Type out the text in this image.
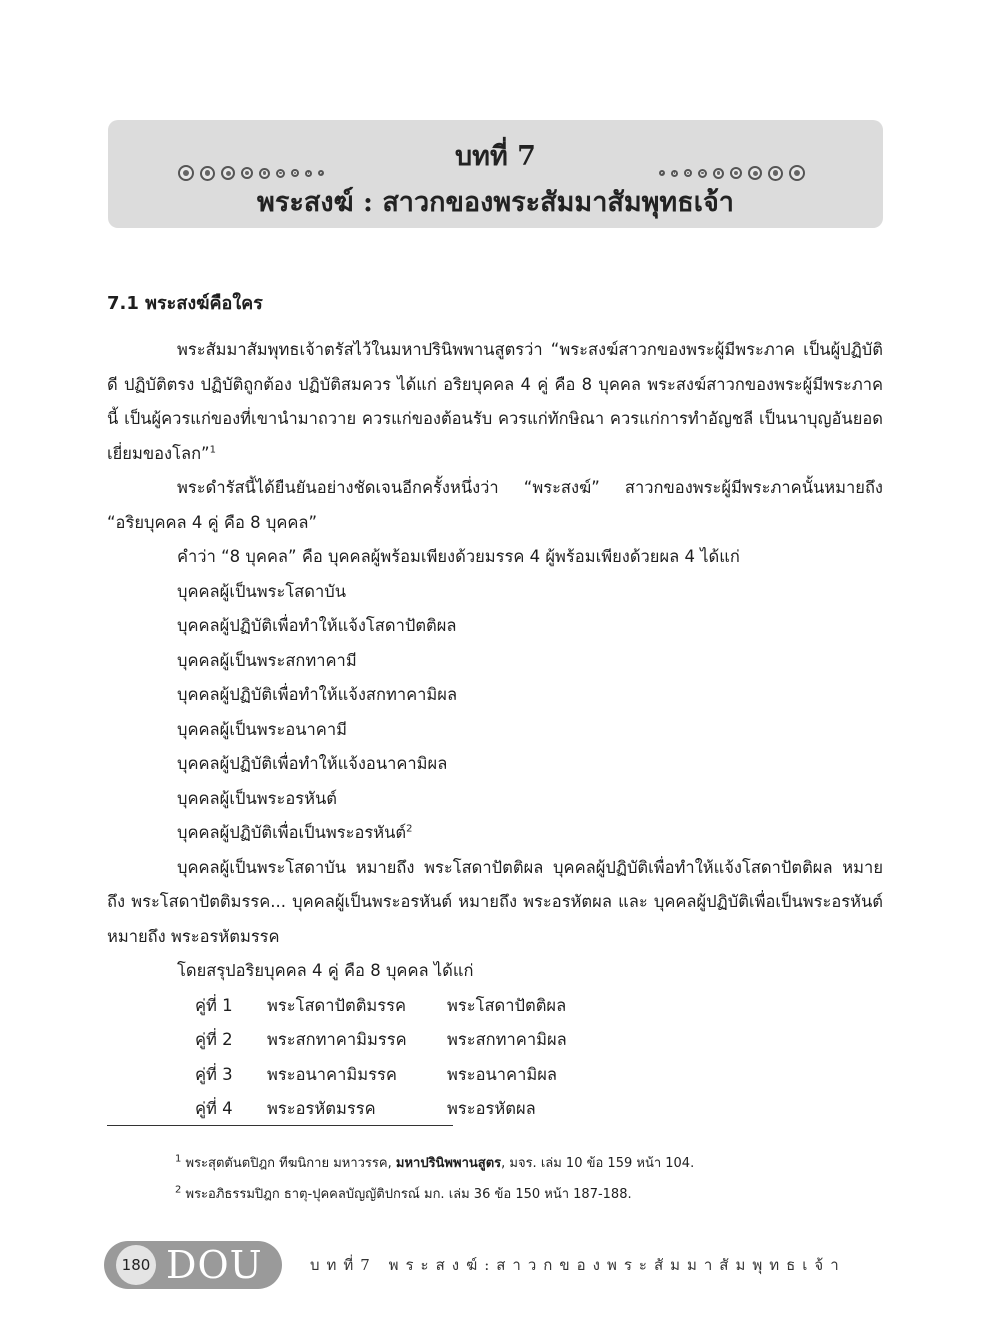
บทที่ 7
พระสงฆ์ : สาวกของพระสัมมาสัมพุทธเจ้า
7.1 พระสงฆ์คือใคร

พระสัมมาสัมพุทธเจ้าตรัสไว้ในมหาปรินิพพานสูตรว่า “พระสงฆ์สาวกของพระผู้มีพระภาค เป็นผู้ปฏิบัติดี ปฏิบัติตรง ปฏิบัติถูกต้อง ปฏิบัติสมควร ได้แก่ อริยบุคคล 4 คู่ คือ 8 บุคคล พระสงฆ์สาวกของพระผู้มีพระภาคนี้ เป็นผู้ควรแก่ของที่เขานำมาถวาย ควรแก่ของต้อนรับ ควรแก่ทักษิณา ควรแก่การทำอัญชลี เป็นนาบุญอันยอดเยี่ยมของโลก”$^1$

พระดำรัสนี้ได้ยืนยันอย่างชัดเจนอีกครั้งหนึ่งว่า “พระสงฆ์” สาวกของพระผู้มีพระภาคนั้นหมายถึง “อริยบุคคล 4 คู่ คือ 8 บุคคล”

คำว่า “8 บุคคล” คือ บุคคลผู้พร้อมเพียงด้วยมรรค 4 ผู้พร้อมเพียงด้วยผล 4 ได้แก่

บุคคลผู้เป็นพระโสดาบัน

บุคคลผู้ปฏิบัติเพื่อทำให้แจ้งโสดาปัตติผล

บุคคลผู้เป็นพระสกทาคามี

บุคคลผู้ปฏิบัติเพื่อทำให้แจ้งสกทาคามิผล

บุคคลผู้เป็นพระอนาคามี

บุคคลผู้ปฏิบัติเพื่อทำให้แจ้งอนาคามิผล

บุคคลผู้เป็นพระอรหันต์

บุคคลผู้ปฏิบัติเพื่อเป็นพระอรหันต์$^2$

บุคคลผู้เป็นพระโสดาบัน หมายถึง พระโสดาปัตติผล บุคคลผู้ปฏิบัติเพื่อทำให้แจ้งโสดาปัตติผล หมายถึง พระโสดาปัตติมรรค... บุคคลผู้เป็นพระอรหันต์ หมายถึง พระอรหัตผล และ บุคคลผู้ปฏิบัติเพื่อเป็นพระอรหันต์ หมายถึง พระอรหัตมรรค

โดยสรุปอริยบุคคล 4 คู่ คือ 8 บุคคล ได้แก่

คู่ที่ 1	พระโสดาปัตติมรรค	พระโสดาปัตติผล
คู่ที่ 2	พระสกทาคามิมรรค	พระสกทาคามิผล
คู่ที่ 3	พระอนาคามิมรรค	พระอนาคามิผล
คู่ที่ 4	พระอรหัตมรรค	พระอรหัตผล

$^1$ พระสุตตันตปิฎก ทีฆนิกาย มหาวรรค, มหาปรินิพพานสูตร, มจร. เล่ม 10 ข้อ 159 หน้า 104.

$^2$ พระอภิธรรมปิฎก ธาตุ-ปุคคลบัญญัติปกรณ์ มก. เล่ม 36 ข้อ 150 หน้า 187-188.

180 DOU	บทที่7 พระสงฆ์:สาวกของพระสัมมาสัมพุทธเจ้า
